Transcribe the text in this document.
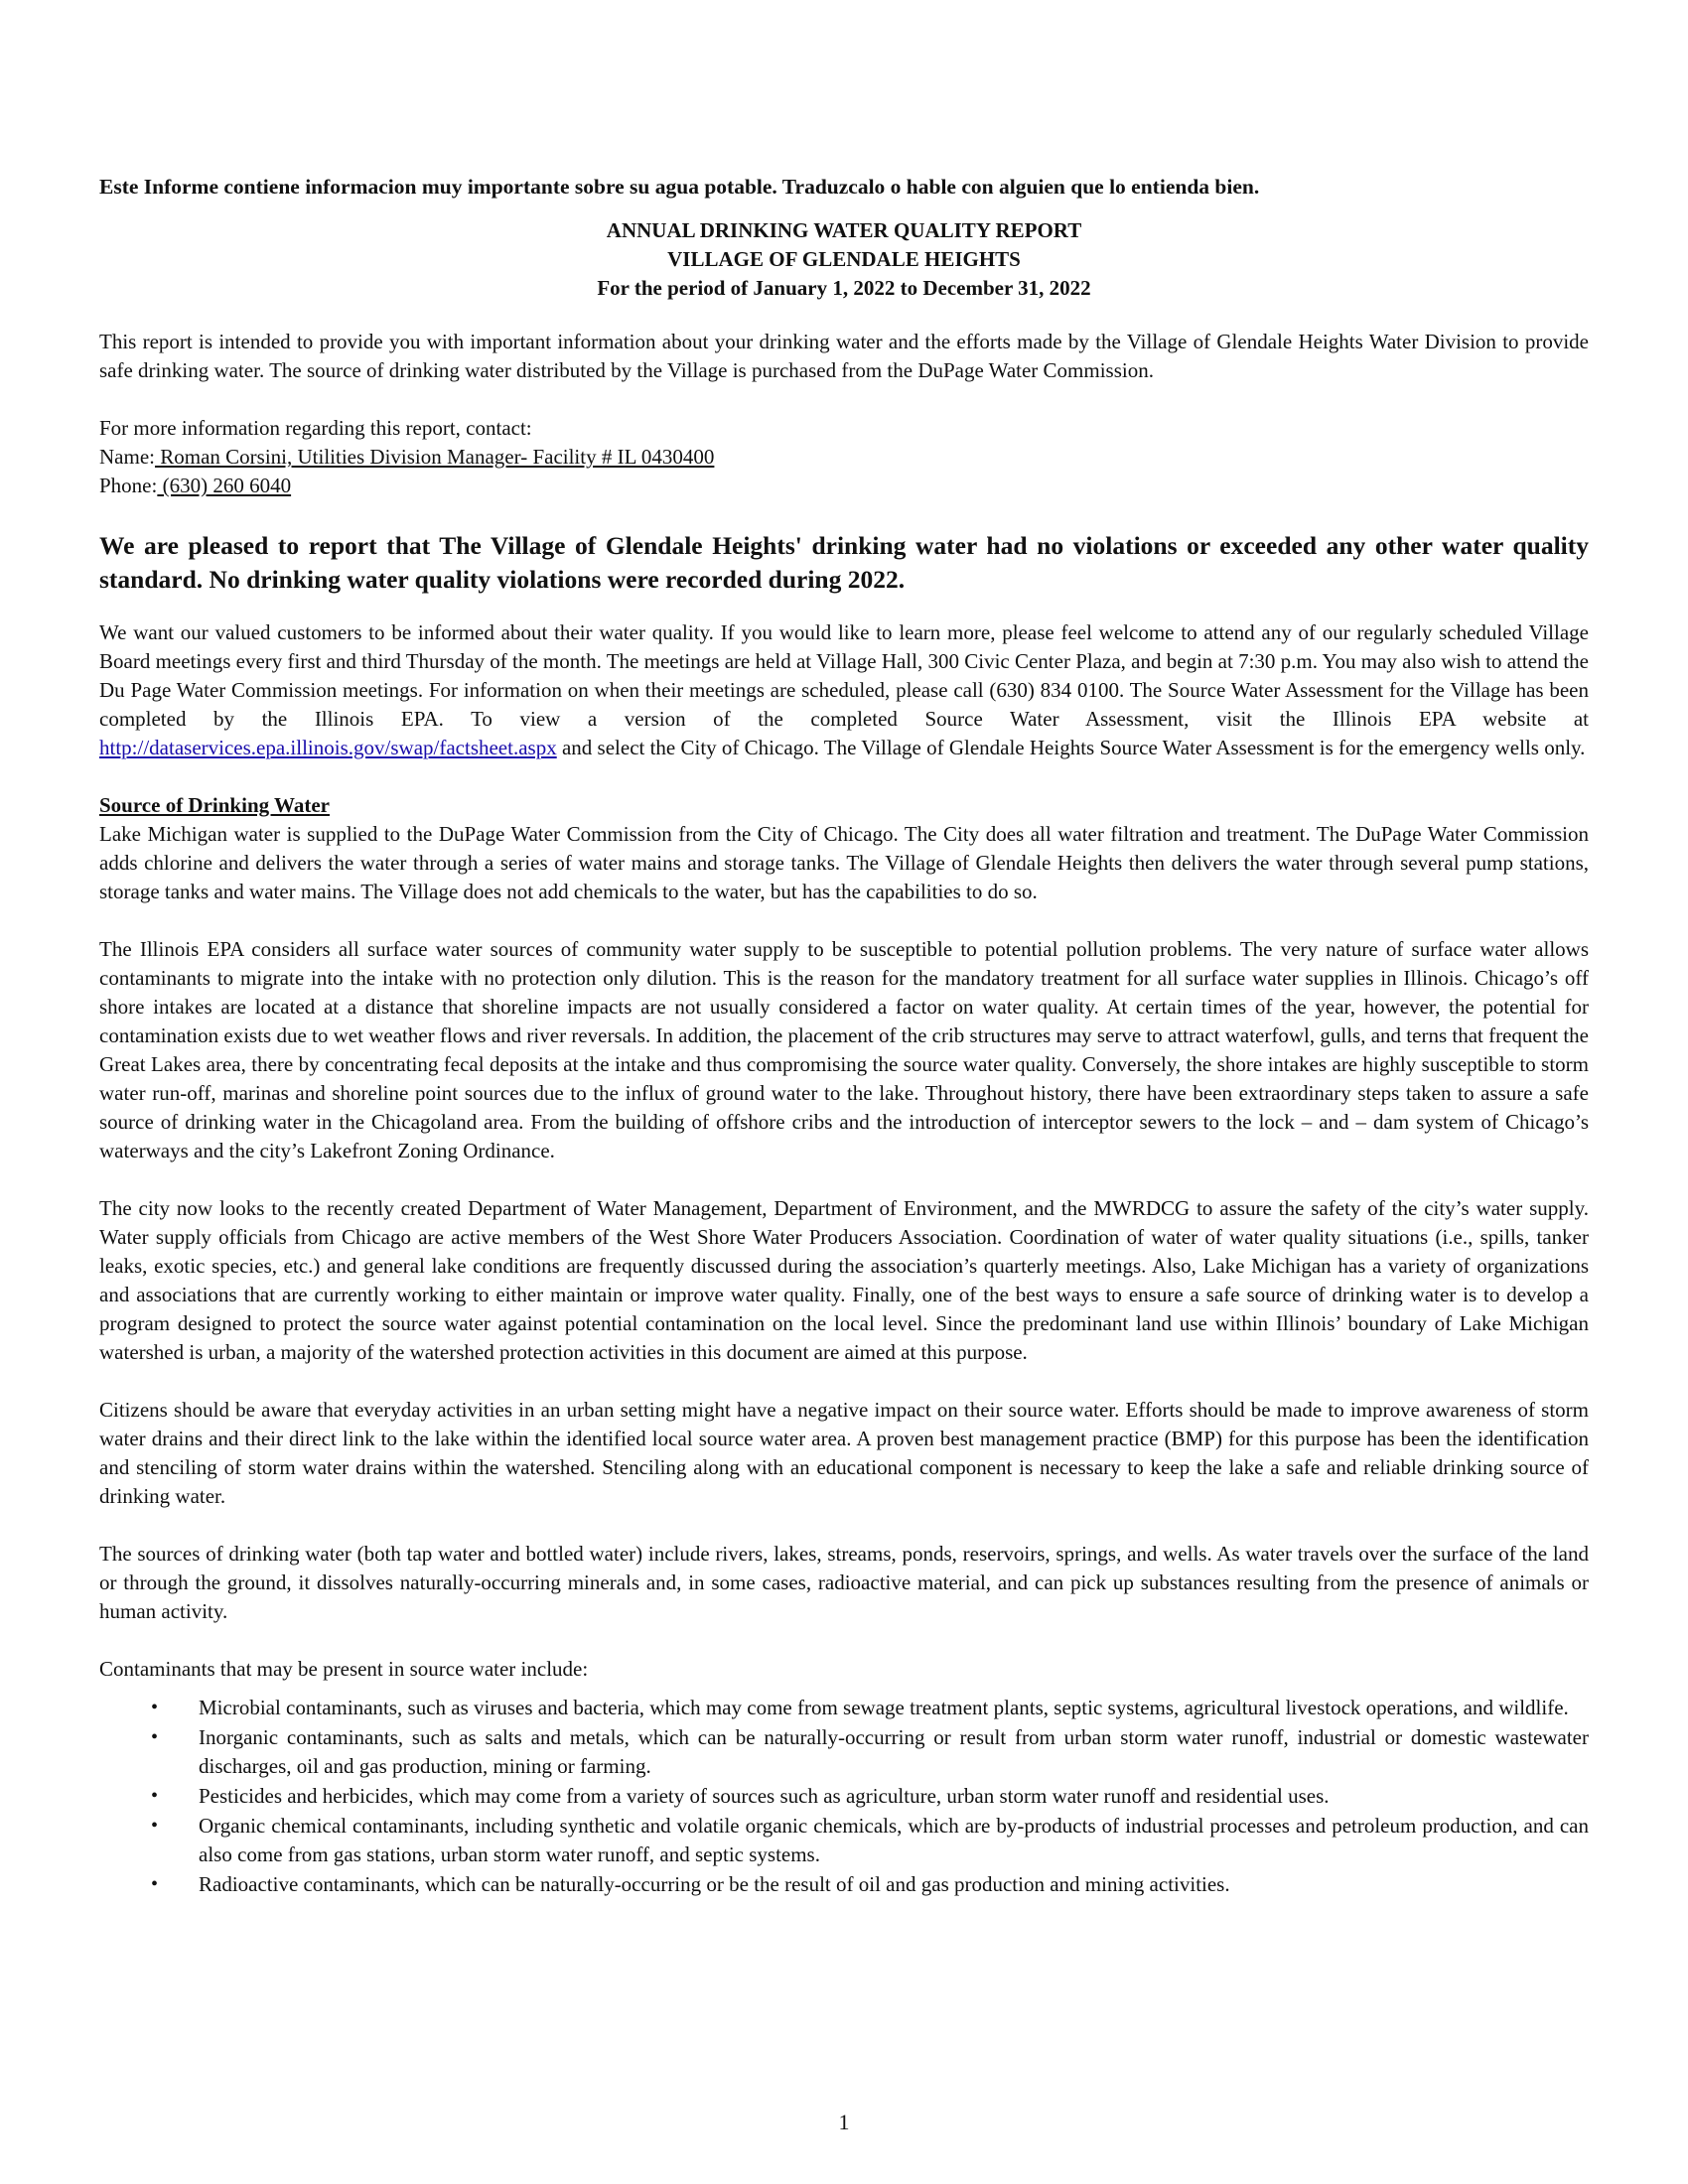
Este Informe contiene informacion muy importante sobre su agua potable. Traduzcalo o hable con alguien que lo entienda bien.
ANNUAL DRINKING WATER QUALITY REPORT
VILLAGE OF GLENDALE HEIGHTS
For the period of January 1, 2022 to December 31, 2022

This report is intended to provide you with important information about your drinking water and the efforts made by the Village of Glendale Heights Water Division to provide safe drinking water. The source of drinking water distributed by the Village is purchased from the DuPage Water Commission.

For more information regarding this report, contact:

Name: Roman Corsini, Utilities Division Manager- Facility # IL 0430400

Phone: (630) 260 6040

We are pleased to report that The Village of Glendale Heights' drinking water had no violations or exceeded any other water quality standard. No drinking water quality violations were recorded during 2022.

We want our valued customers to be informed about their water quality. If you would like to learn more, please feel welcome to attend any of our regularly scheduled Village Board meetings every first and third Thursday of the month. The meetings are held at Village Hall, 300 Civic Center Plaza, and begin at 7:30 p.m. You may also wish to attend the Du Page Water Commission meetings. For information on when their meetings are scheduled, please call (630) 834 0100. The Source Water Assessment for the Village has been completed by the Illinois EPA. To view a version of the completed Source Water Assessment, visit the Illinois EPA website at http://dataservices.epa.illinois.gov/swap/factsheet.aspx and select the City of Chicago. The Village of Glendale Heights Source Water Assessment is for the emergency wells only.

Source of Drinking Water

Lake Michigan water is supplied to the DuPage Water Commission from the City of Chicago. The City does all water filtration and treatment. The DuPage Water Commission adds chlorine and delivers the water through a series of water mains and storage tanks. The Village of Glendale Heights then delivers the water through several pump stations, storage tanks and water mains. The Village does not add chemicals to the water, but has the capabilities to do so.

The Illinois EPA considers all surface water sources of community water supply to be susceptible to potential pollution problems. The very nature of surface water allows contaminants to migrate into the intake with no protection only dilution. This is the reason for the mandatory treatment for all surface water supplies in Illinois. Chicago’s off shore intakes are located at a distance that shoreline impacts are not usually considered a factor on water quality. At certain times of the year, however, the potential for contamination exists due to wet weather flows and river reversals. In addition, the placement of the crib structures may serve to attract waterfowl, gulls, and terns that frequent the Great Lakes area, there by concentrating fecal deposits at the intake and thus compromising the source water quality. Conversely, the shore intakes are highly susceptible to storm water run-off, marinas and shoreline point sources due to the influx of ground water to the lake. Throughout history, there have been extraordinary steps taken to assure a safe source of drinking water in the Chicagoland area. From the building of offshore cribs and the introduction of interceptor sewers to the lock – and – dam system of Chicago’s waterways and the city’s Lakefront Zoning Ordinance.

The city now looks to the recently created Department of Water Management, Department of Environment, and the MWRDCG to assure the safety of the city’s water supply. Water supply officials from Chicago are active members of the West Shore Water Producers Association. Coordination of water of water quality situations (i.e., spills, tanker leaks, exotic species, etc.) and general lake conditions are frequently discussed during the association’s quarterly meetings. Also, Lake Michigan has a variety of organizations and associations that are currently working to either maintain or improve water quality. Finally, one of the best ways to ensure a safe source of drinking water is to develop a program designed to protect the source water against potential contamination on the local level. Since the predominant land use within Illinois’ boundary of Lake Michigan watershed is urban, a majority of the watershed protection activities in this document are aimed at this purpose.

Citizens should be aware that everyday activities in an urban setting might have a negative impact on their source water. Efforts should be made to improve awareness of storm water drains and their direct link to the lake within the identified local source water area. A proven best management practice (BMP) for this purpose has been the identification and stenciling of storm water drains within the watershed. Stenciling along with an educational component is necessary to keep the lake a safe and reliable drinking source of drinking water.

The sources of drinking water (both tap water and bottled water) include rivers, lakes, streams, ponds, reservoirs, springs, and wells. As water travels over the surface of the land or through the ground, it dissolves naturally-occurring minerals and, in some cases, radioactive material, and can pick up substances resulting from the presence of animals or human activity.

Contaminants that may be present in source water include:

• Microbial contaminants, such as viruses and bacteria, which may come from sewage treatment plants, septic systems, agricultural livestock operations, and wildlife.
• Inorganic contaminants, such as salts and metals, which can be naturally-occurring or result from urban storm water runoff, industrial or domestic wastewater discharges, oil and gas production, mining or farming.
• Pesticides and herbicides, which may come from a variety of sources such as agriculture, urban storm water runoff and residential uses.
• Organic chemical contaminants, including synthetic and volatile organic chemicals, which are by-products of industrial processes and petroleum production, and can also come from gas stations, urban storm water runoff, and septic systems.
• Radioactive contaminants, which can be naturally-occurring or be the result of oil and gas production and mining activities.
1
